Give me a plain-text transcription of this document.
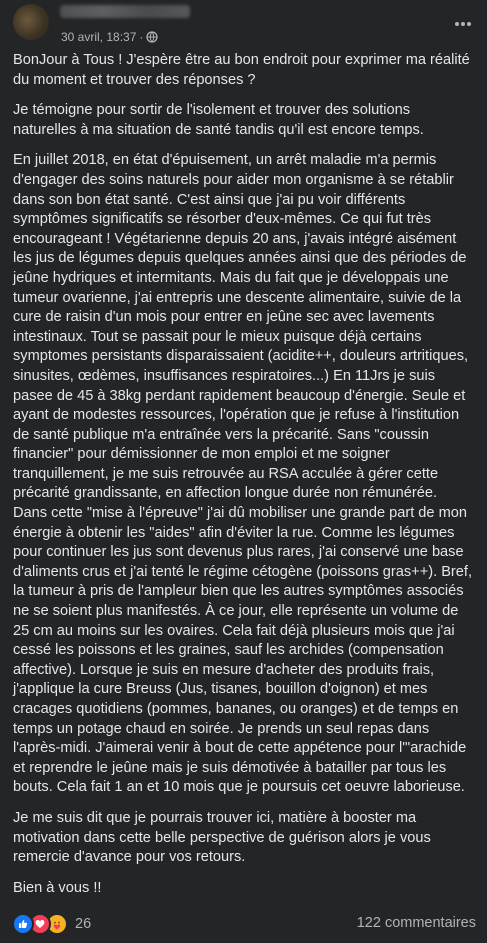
30 avril, 18:37 ·

BonJour à Tous ! J'espère être au bon endroit pour exprimer ma réalité du moment et trouver des réponses ?

Je témoigne pour sortir de l'isolement et trouver des solutions naturelles à ma situation de santé tandis qu'il est encore temps.

En juillet 2018, en état d'épuisement, un arrêt maladie m'a permis d'engager des soins naturels pour aider mon organisme à se rétablir dans son bon état santé. C'est ainsi que j'ai pu voir différents symptômes significatifs se résorber d'eux-mêmes. Ce qui fut très encourageant ! Végétarienne depuis 20 ans, j'avais intégré aisément les jus de légumes depuis quelques années ainsi que des périodes de jeûne hydriques et intermitants. Mais du fait que je développais une tumeur ovarienne, j'ai entrepris une descente alimentaire, suivie de la cure de raisin d'un mois pour entrer en jeûne sec avec lavements intestinaux. Tout se passait pour le mieux puisque déjà certains symptomes persistants disparaissaient (acidite++, douleurs artritiques, sinusites, œdèmes, insuffisances respiratoires...) En 11Jrs je suis pasee de 45 à 38kg perdant rapidement beaucoup d'énergie. Seule et ayant de modestes ressources, l'opération que je refuse à l'institution de santé publique m'a entraînée vers la précarité. Sans "coussin financier" pour démissionner de mon emploi et me soigner tranquillement, je me suis retrouvée au RSA acculée à gérer cette précarité grandissante, en affection longue durée non rémunérée. Dans cette "mise à l'épreuve" j'ai dû mobiliser une grande part de mon énergie à obtenir les "aides" afin d'éviter la rue. Comme les légumes pour continuer les jus sont devenus plus rares, j'ai conservé une base d'aliments crus et j'ai tenté le régime cétogène (poissons gras++). Bref, la tumeur à pris de l'ampleur bien que les autres symptômes associés ne se soient plus manifestés. À ce jour, elle représente un volume de 25 cm au moins sur les ovaires. Cela fait déjà plusieurs mois que j'ai cessé les poissons et les graines, sauf les archides (compensation affective). Lorsque je suis en mesure d'acheter des produits frais, j'applique la cure Breuss (Jus, tisanes, bouillon d'oignon) et mes cracages quotidiens (pommes, bananes, ou oranges) et de temps en temps un potage chaud en soirée. Je prends un seul repas dans l'après-midi. J'aimerai venir à bout de cette appétence pour l'"arachide et reprendre le jeûne mais je suis démotivée à batailler par tous les bouts. Cela fait 1 an et 10 mois que je poursuis cet oeuvre laborieuse.

Je me suis dit que je pourrais trouver ici, matière à booster ma motivation dans cette belle perspective de guérison alors je vous remercie d'avance pour vos retours.

Bien à vous !!

26	122 commentaires
